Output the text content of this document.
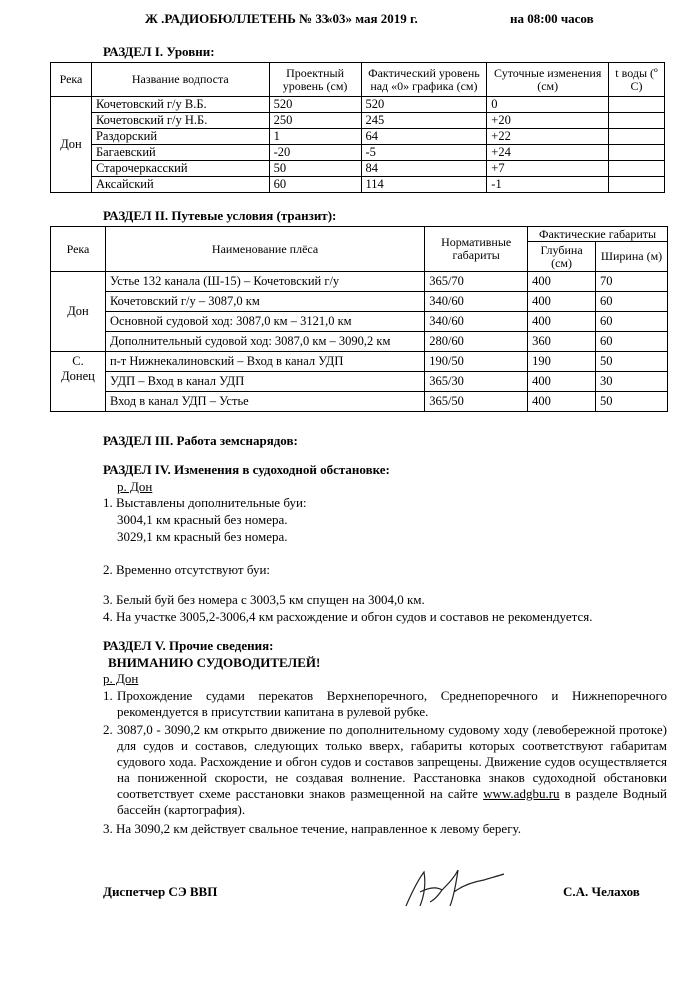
Ж .РАДИОБЮЛЛЕТЕНЬ № 33
«03» мая 2019 г.	на 08:00 часов
РАЗДЕЛ I. Уровни:
Река	Название водпоста	Проектный уровень (см)	Фактический уровень над «0» графика (см)	Суточные изменения (см)	t воды (º С)
Дон	Кочетовский г/у В.Б.	520	520	0	
	Кочетовский г/у Н.Б.	250	245	+20	
	Раздорский	1	64	+22	
	Багаевский	-20	-5	+24	
	Старочеркасский	50	84	+7	
	Аксайский	60	114	-1	
РАЗДЕЛ II. Путевые условия (транзит):
Река	Наименование плёса	Нормативные габариты	Фактические габариты	
			Глубина (см)	Ширина (м)
Дон	Устье 132 канала (Ш-15) – Кочетовский г/у	365/70	400	70
	Кочетовский г/у – 3087,0 км	340/60	400	60
	Основной судовой ход: 3087,0 км – 3121,0 км	340/60	400	60
	Дополнительный судовой ход: 3087,0 км – 3090,2 км	280/60	360	60
С. Донец	п-т Нижнекалиновский – Вход в канал УДП	190/50	190	50
	УДП – Вход в канал УДП	365/30	400	30
	Вход в канал УДП – Устье	365/50	400	50
РАЗДЕЛ III. Работа земснарядов:
РАЗДЕЛ IV. Изменения в судоходной обстановке:
р. Дон
1. Выставлены дополнительные буи:
3004,1 км красный без номера.
3029,1 км красный без номера.
2. Временно отсутствуют буи:
3. Белый буй без номера с 3003,5 км спущен на 3004,0 км.
4. На участке 3005,2-3006,4 км расхождение и обгон судов и составов не рекомендуется.
РАЗДЕЛ V. Прочие сведения:
ВНИМАНИЮ СУДОВОДИТЕЛЕЙ!
р. Дон
1. Прохождение судами перекатов Верхнепоречного, Среднепоречного и Нижнепоречного рекомендуется в присутствии капитана в рулевой рубке.

2. 3087,0 - 3090,2 км открыто движение по дополнительному судовому ходу (левобережной протоке) для судов и составов, следующих только вверх, габариты которых соответствуют габаритам судового хода. Расхождение и обгон судов и составов запрещены. Движение судов осуществляется на пониженной скорости, не создавая волнение. Расстановка знаков судоходной обстановки соответствует схеме расстановки знаков размещенной на сайте www.adgbu.ru в разделе Водный бассейн (картография).

3. На 3090,2 км действует свальное течение, направленное к левому берегу.
Диспетчер СЭ ВВП	С.А. Челахов
